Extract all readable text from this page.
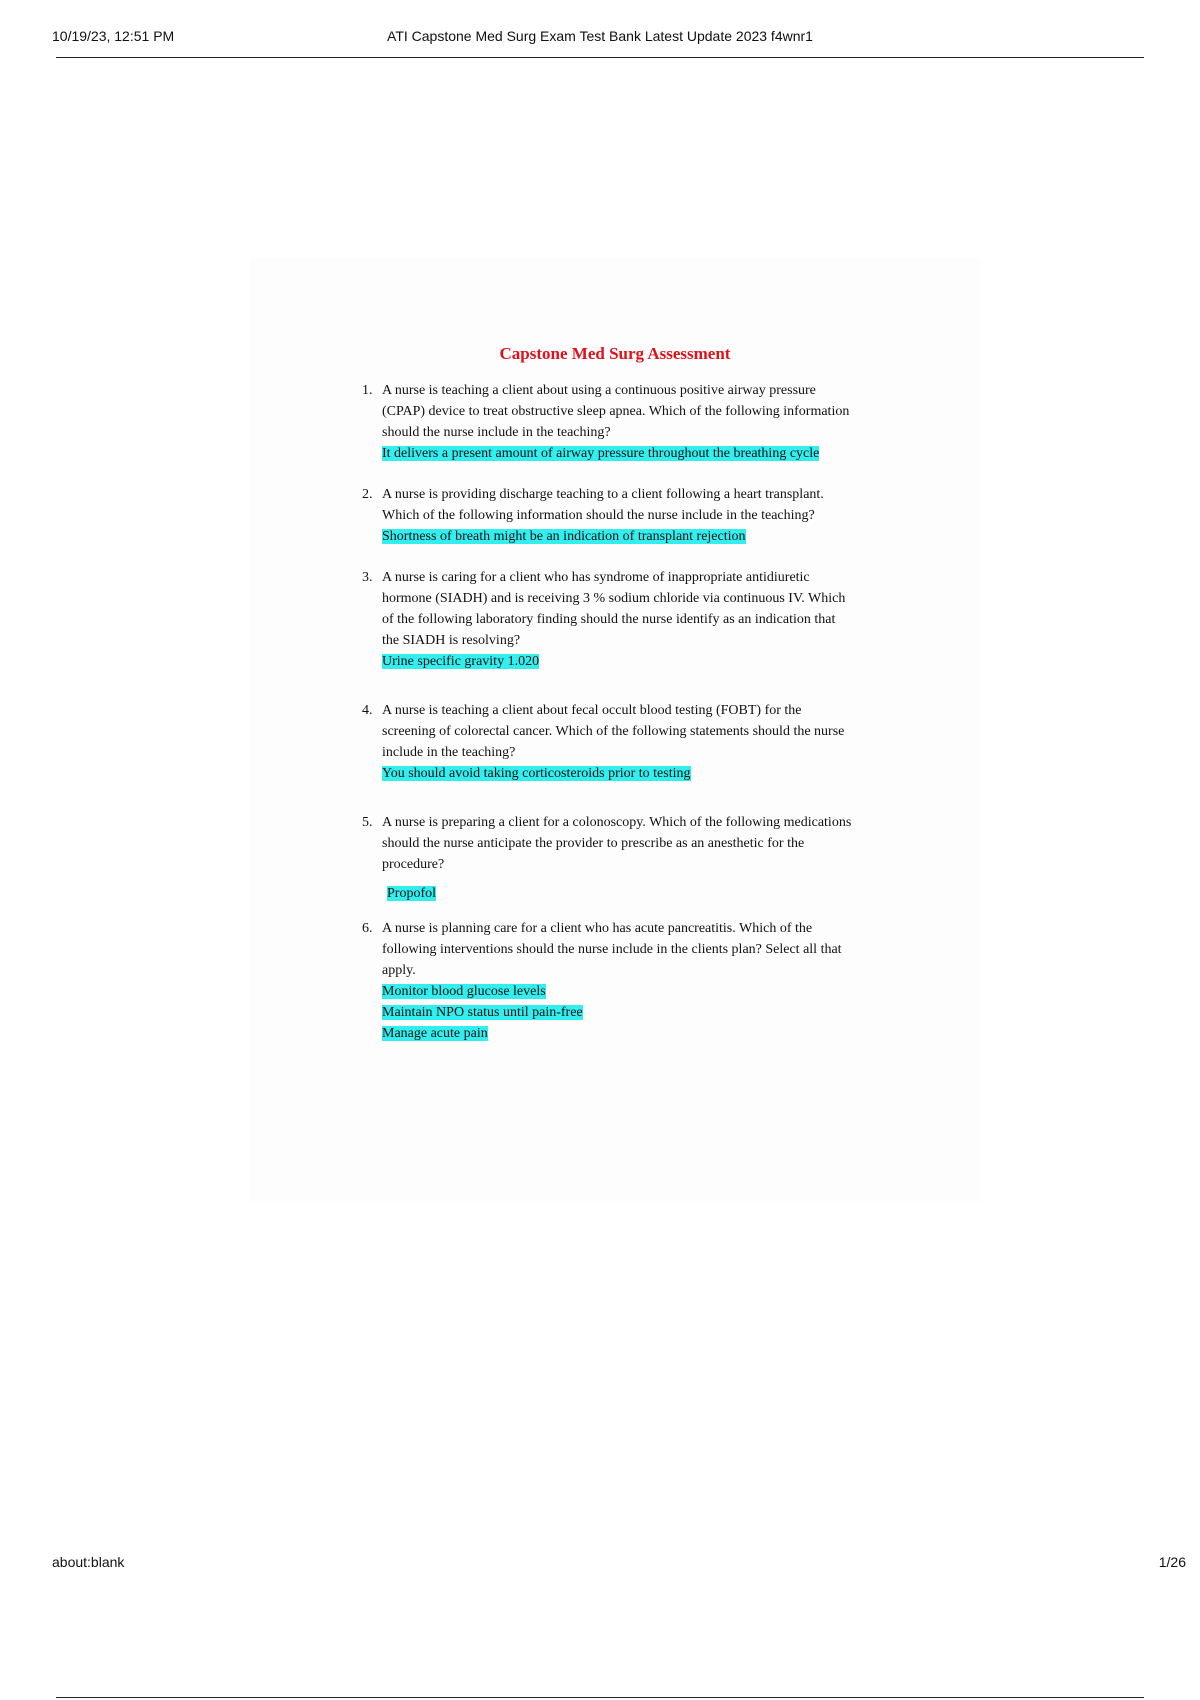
10/19/23, 12:51 PM	ATI Capstone Med Surg Exam Test Bank Latest Update 2023 f4wnr1
Capstone Med Surg Assessment
1. A nurse is teaching a client about using a continuous positive airway pressure (CPAP) device to treat obstructive sleep apnea. Which of the following information should the nurse include in the teaching?
It delivers a present amount of airway pressure throughout the breathing cycle
2. A nurse is providing discharge teaching to a client following a heart transplant. Which of the following information should the nurse include in the teaching?
Shortness of breath might be an indication of transplant rejection
3. A nurse is caring for a client who has syndrome of inappropriate antidiuretic hormone (SIADH) and is receiving 3 % sodium chloride via continuous IV. Which of the following laboratory finding should the nurse identify as an indication that the SIADH is resolving?
Urine specific gravity 1.020
4. A nurse is teaching a client about fecal occult blood testing (FOBT) for the screening of colorectal cancer. Which of the following statements should the nurse include in the teaching?
You should avoid taking corticosteroids prior to testing
5. A nurse is preparing a client for a colonoscopy. Which of the following medications should the nurse anticipate the provider to prescribe as an anesthetic for the procedure?
Propofol
6. A nurse is planning care for a client who has acute pancreatitis. Which of the following interventions should the nurse include in the clients plan? Select all that apply.
Monitor blood glucose levels
Maintain NPO status until pain-free
Manage acute pain
about:blank	1/26
